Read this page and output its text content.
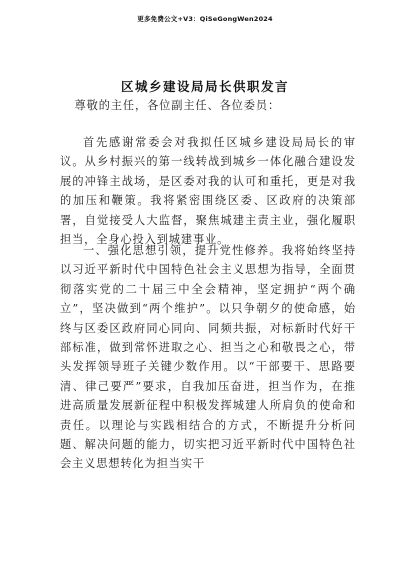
更多免费公文+V3：QiSeGongWen2024
区城乡建设局局长供职发言

尊敬的主任，各位副主任、各位委员：

首先感谢常委会对我拟任区城乡建设局局长的审议。从乡村振兴的第一线转战到城乡一体化融合建设发展的冲锋主战场，是区委对我的认可和重托，更是对我的加压和鞭策。我将紧密围绕区委、区政府的决策部署，自觉接受人大监督，聚焦城建主责主业，强化履职担当，全身心投入到城建事业。

一、强化思想引领，提升党性修养。我将始终坚持以习近平新时代中国特色社会主义思想为指导，全面贯彻落实党的二十届三中全会精神，坚定拥护“两个确立”，坚决做到“两个维护”。以只争朝夕的使命感，始终与区委区政府同心同向、同频共振，对标新时代好干部标准，做到常怀进取之心、担当之心和敬畏之心，带头发挥领导班子关键少数作用。以“干部要干、思路要清、律己要严”要求，自我加压奋进，担当作为，在推进高质量发展新征程中积极发挥城建人所肩负的使命和责任。以理论与实践相结合的方式，不断提升分析问题、解决问题的能力，切实把习近平新时代中国特色社会主义思想转化为担当实干
